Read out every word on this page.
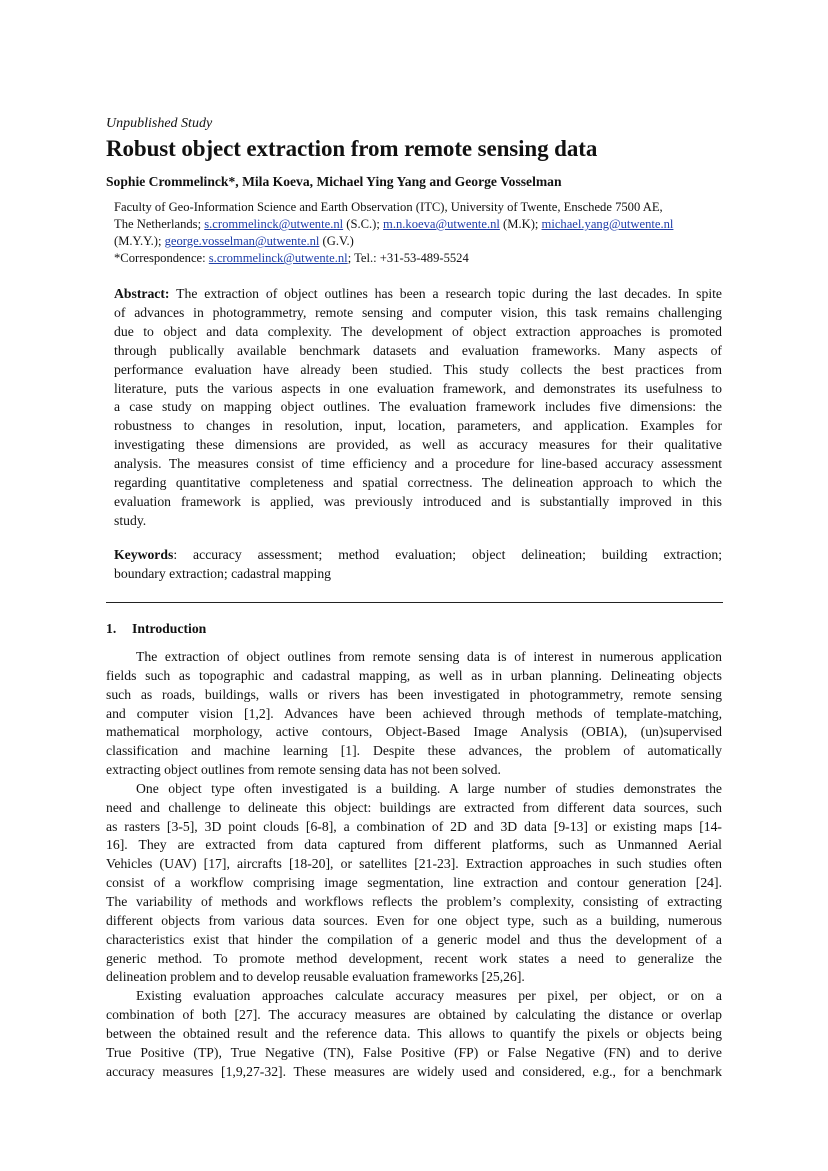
Unpublished Study
Robust object extraction from remote sensing data
Sophie Crommelinck*, Mila Koeva, Michael Ying Yang and George Vosselman
Faculty of Geo-Information Science and Earth Observation (ITC), University of Twente, Enschede 7500 AE,
The Netherlands; s.crommelinck@utwente.nl (S.C.); m.n.koeva@utwente.nl (M.K); michael.yang@utwente.nl
(M.Y.Y.); george.vosselman@utwente.nl (G.V.)
*Correspondence: s.crommelinck@utwente.nl; Tel.: +31-53-489-5524
Abstract: The extraction of object outlines has been a research topic during the last decades. In spite
of advances in photogrammetry, remote sensing and computer vision, this task remains challenging
due to object and data complexity. The development of object extraction approaches is promoted
through publically available benchmark datasets and evaluation frameworks. Many aspects of
performance evaluation have already been studied. This study collects the best practices from
literature, puts the various aspects in one evaluation framework, and demonstrates its usefulness to
a case study on mapping object outlines. The evaluation framework includes five dimensions: the
robustness to changes in resolution, input, location, parameters, and application. Examples for
investigating these dimensions are provided, as well as accuracy measures for their qualitative
analysis. The measures consist of time efficiency and a procedure for line-based accuracy assessment
regarding quantitative completeness and spatial correctness. The delineation approach to which the
evaluation framework is applied, was previously introduced and is substantially improved in this
study.
Keywords: accuracy assessment; method evaluation; object delineation; building extraction;
boundary extraction; cadastral mapping
1. Introduction
The extraction of object outlines from remote sensing data is of interest in numerous application
fields such as topographic and cadastral mapping, as well as in urban planning. Delineating objects
such as roads, buildings, walls or rivers has been investigated in photogrammetry, remote sensing
and computer vision [1,2]. Advances have been achieved through methods of template-matching,
mathematical morphology, active contours, Object-Based Image Analysis (OBIA), (un)supervised
classification and machine learning [1]. Despite these advances, the problem of automatically
extracting object outlines from remote sensing data has not been solved.
One object type often investigated is a building. A large number of studies demonstrates the
need and challenge to delineate this object: buildings are extracted from different data sources, such
as rasters [3-5], 3D point clouds [6-8], a combination of 2D and 3D data [9-13] or existing maps [14-
16]. They are extracted from data captured from different platforms, such as Unmanned Aerial
Vehicles (UAV) [17], aircrafts [18-20], or satellites [21-23]. Extraction approaches in such studies often
consist of a workflow comprising image segmentation, line extraction and contour generation [24].
The variability of methods and workflows reflects the problem’s complexity, consisting of extracting
different objects from various data sources. Even for one object type, such as a building, numerous
characteristics exist that hinder the compilation of a generic model and thus the development of a
generic method. To promote method development, recent work states a need to generalize the
delineation problem and to develop reusable evaluation frameworks [25,26].
Existing evaluation approaches calculate accuracy measures per pixel, per object, or on a
combination of both [27]. The accuracy measures are obtained by calculating the distance or overlap
between the obtained result and the reference data. This allows to quantify the pixels or objects being
True Positive (TP), True Negative (TN), False Positive (FP) or False Negative (FN) and to derive
accuracy measures [1,9,27-32]. These measures are widely used and considered, e.g., for a benchmark
